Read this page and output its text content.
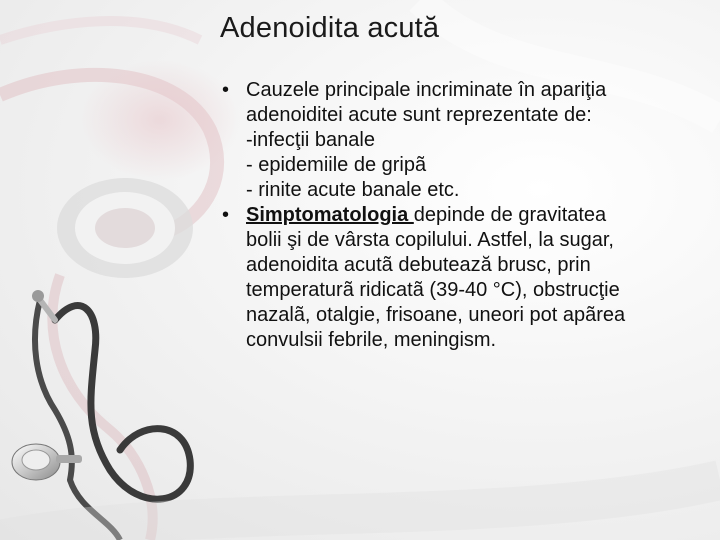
Adenoidita acută
• Cauzele principale incriminate în apariţia
adenoiditei acute sunt reprezentate de:
-infecţii banale
- epidemiile de gripã
- rinite acute banale etc.
• Simptomatologia depinde de gravitatea
bolii şi de vârsta copilului. Astfel, la sugar,
adenoidita acutã debutează brusc, prin
temperaturã ridicatã (39-40 °C), obstrucţie
nazalã, otalgie, frisoane, uneori pot apãrea
convulsii febrile, meningism.
